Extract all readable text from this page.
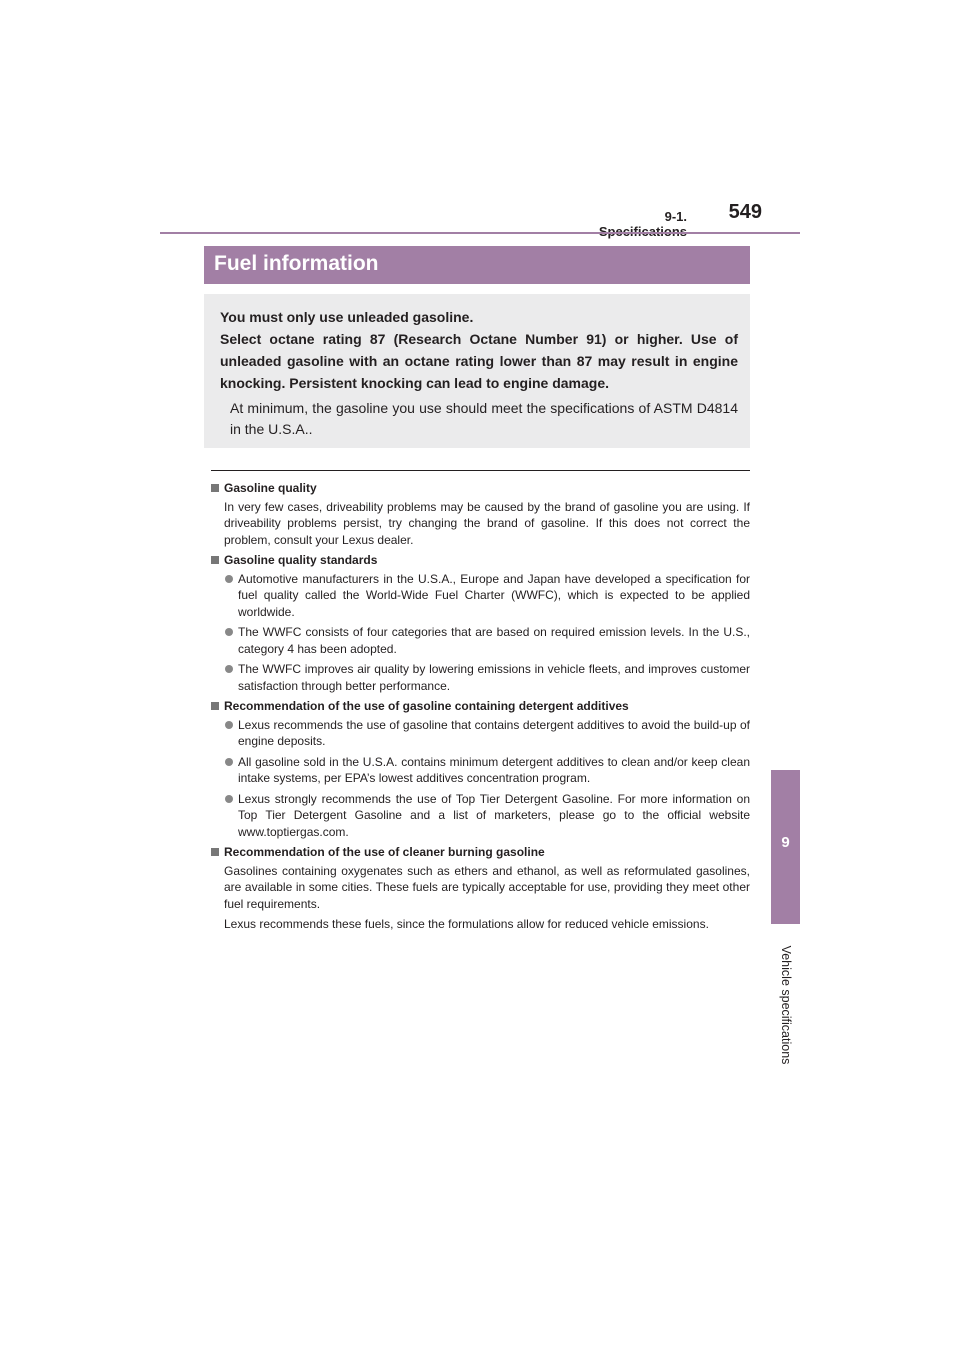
9-1.	549
9
Vehicle specifications
Fuel information
You must only use unleaded gasoline.
Select octane rating 87 (Research Octane Number 91) or higher. Use of unleaded gasoline with an octane rating lower than 87 may result in engine knocking. Persistent knocking can lead to engine damage.
At minimum, the gasoline you use should meet the specifications of ASTM D4814 in the U.S.A..
Gasoline quality
In very few cases, driveability problems may be caused by the brand of gasoline you are using. If driveability problems persist, try changing the brand of gasoline. If this does not correct the problem, consult your Lexus dealer.
Gasoline quality standards
Automotive manufacturers in the U.S.A., Europe and Japan have developed a specification for fuel quality called the World-Wide Fuel Charter (WWFC), which is expected to be applied worldwide.
The WWFC consists of four categories that are based on required emission levels. In the U.S., category 4 has been adopted.
The WWFC improves air quality by lowering emissions in vehicle fleets, and improves customer satisfaction through better performance.
Recommendation of the use of gasoline containing detergent additives
Lexus recommends the use of gasoline that contains detergent additives to avoid the build-up of engine deposits.
All gasoline sold in the U.S.A. contains minimum detergent additives to clean and/or keep clean intake systems, per EPA’s lowest additives concentration program.
Lexus strongly recommends the use of Top Tier Detergent Gasoline. For more information on Top Tier Detergent Gasoline and a list of marketers, please go to the official website www.toptiergas.com.
Recommendation of the use of cleaner burning gasoline
Gasolines containing oxygenates such as ethers and ethanol, as well as reformulated gasolines, are available in some cities. These fuels are typically acceptable for use, providing they meet other fuel requirements.
Lexus recommends these fuels, since the formulations allow for reduced vehicle emissions.
